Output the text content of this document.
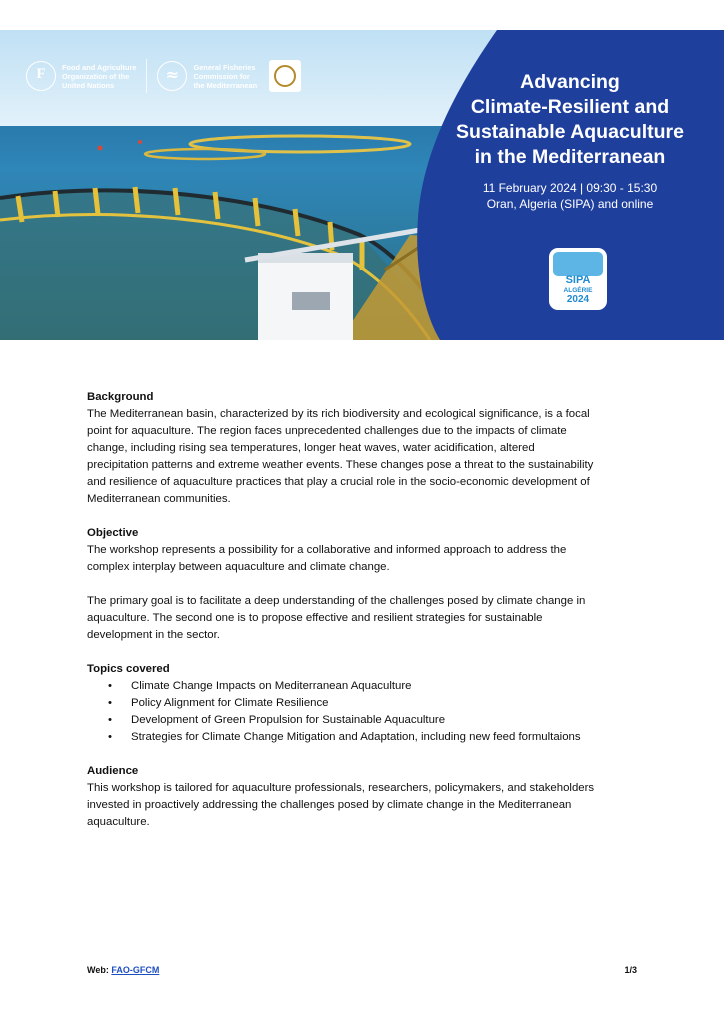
F
Food and Agriculture
Organization of the
United Nations
≈
General Fisheries
Commission for
the Mediterranean	Advancing
Climate-Resilient and
Sustainable Aquaculture
in the Mediterranean
11 February 2024 | 09:30 - 15:30
Oran, Algeria (SIPA) and online
SIPA
ALGÉRIE
2024

Background

The Mediterranean basin, characterized by its rich biodiversity and ecological significance, is a focal
point for aquaculture. The region faces unprecedented challenges due to the impacts of climate
change, including rising sea temperatures, longer heat waves, water acidification, altered
precipitation patterns and extreme weather events. These changes pose a threat to the sustainability
and resilience of aquaculture practices that play a crucial role in the socio-economic development of
Mediterranean communities.

Objective

The workshop represents a possibility for a collaborative and informed approach to address the
complex interplay between aquaculture and climate change.

The primary goal is to facilitate a deep understanding of the challenges posed by climate change in
aquaculture. The second one is to propose effective and resilient strategies for sustainable
development in the sector.

Topics covered

• Climate Change Impacts on Mediterranean Aquaculture
• Policy Alignment for Climate Resilience
• Development of Green Propulsion for Sustainable Aquaculture
• Strategies for Climate Change Mitigation and Adaptation, including new feed formultaions

Audience

This workshop is tailored for aquaculture professionals, researchers, policymakers, and stakeholders
invested in proactively addressing the challenges posed by climate change in the Mediterranean
aquaculture.

Web: FAO-GFCM	1/3
